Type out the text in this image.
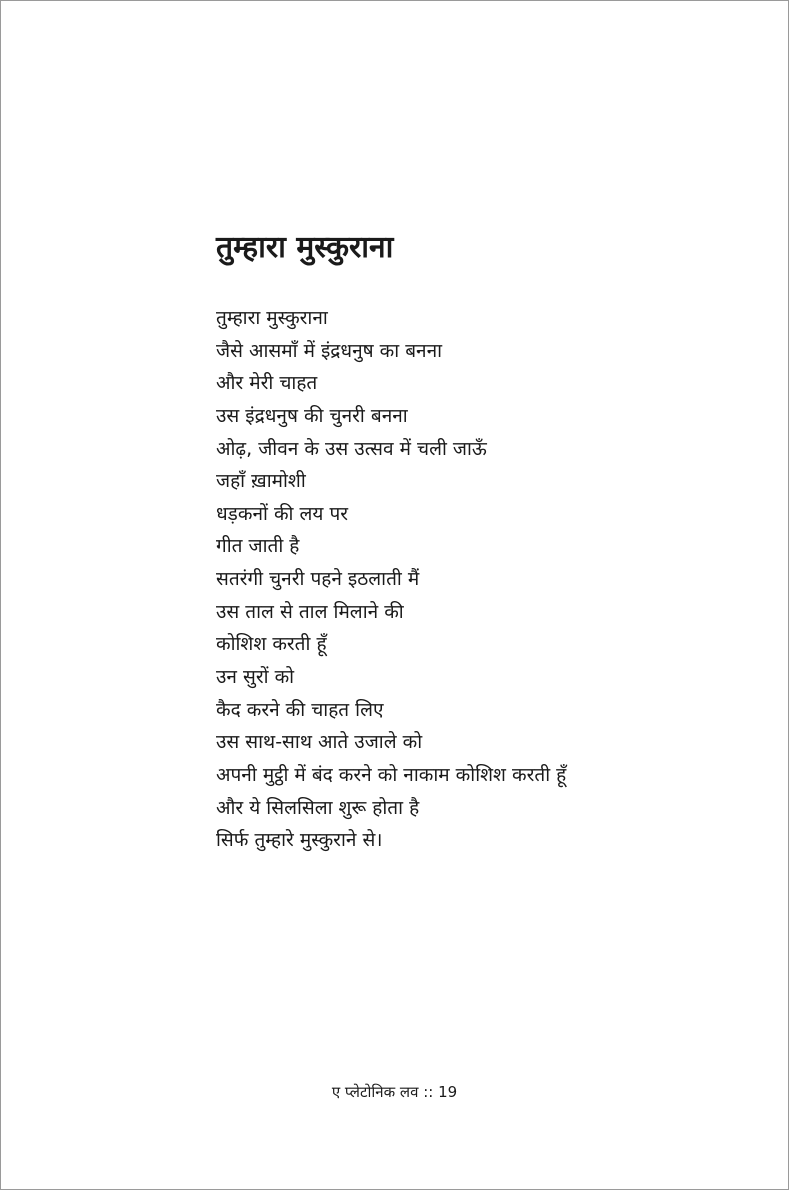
तुम्हारा मुस्कुराना
तुम्हारा मुस्कुराना
जैसे आसमाँ में इंद्रधनुष का बनना
और मेरी चाहत
उस इंद्रधनुष की चुनरी बनना
ओढ़, जीवन के उस उत्सव में चली जाऊँ
जहाँ ख़ामोशी
धड़कनों की लय पर
गीत जाती है
सतरंगी चुनरी पहने इठलाती मैं
उस ताल से ताल मिलाने की
कोशिश करती हूँ
उन सुरों को
कैद करने की चाहत लिए
उस साथ-साथ आते उजाले को
अपनी मुट्ठी में बंद करने को नाकाम कोशिश करती हूँ
और ये सिलसिला शुरू होता है
सिर्फ तुम्हारे मुस्कुराने से।
ए प्लेटोनिक लव :: 19
